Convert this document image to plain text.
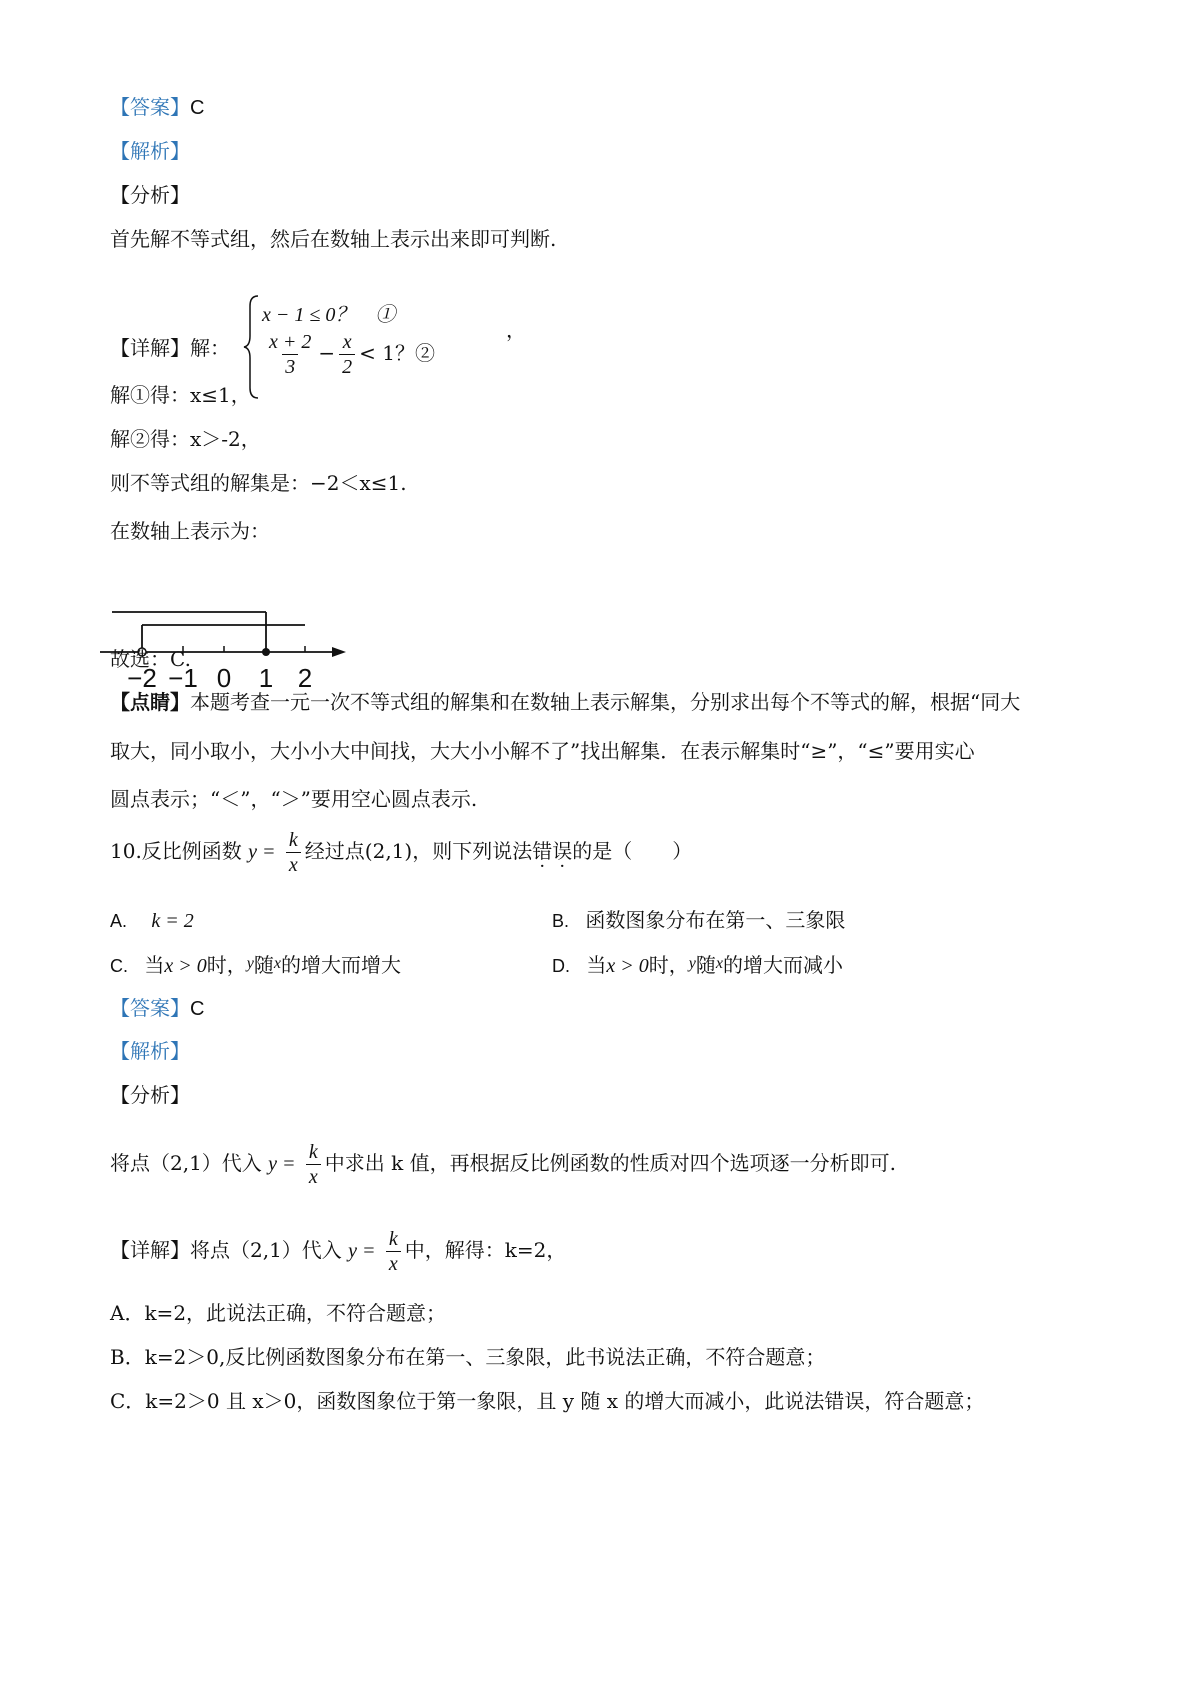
【答案】C
【解析】
【分析】
首先解不等式组，然后在数轴上表示出来即可判断.
【详解】解：
x − 1 ≤ 0？　①
$\frac{x + 2}{3} - \frac{x}{2} < 1$？②
，
解①得：x≤1，
解②得：x＞-2，
则不等式组的解集是：−2＜x≤1.
在数轴上表示为：
−2 −1 0 1 2
故选：C.
【点睛】本题考查一元一次不等式组的解集和在数轴上表示解集，分别求出每个不等式的解，根据“同大
取大，同小取小，大小小大中间找，大大小小解不了”找出解集．在表示解集时“≥”，“≤”要用实心
圆点表示；“＜”，“＞”要用空心圆点表示.
10.反比例函数 $y = \frac{k}{x}$ 经过点(2,1)，则下列说法错误的是（　　）
A. k = 2	B. 函数图象分布在第一、三象限
C. 当x > 0时，$^y$随$^x$的增大而增大	D. 当x > 0时，$^y$随$^x$的增大而减小
【答案】C
【解析】
【分析】
将点（2,1）代入 $y = \frac{k}{x}$ 中求出 k 值，再根据反比例函数的性质对四个选项逐一分析即可.
【详解】将点（2,1）代入 $y = \frac{k}{x}$ 中，解得：k=2，
A．k=2，此说法正确，不符合题意；
B．k=2＞0,反比例函数图象分布在第一、三象限，此书说法正确，不符合题意；
C．k=2＞0 且 x＞0，函数图象位于第一象限，且 y 随 x 的增大而减小，此说法错误，符合题意；
